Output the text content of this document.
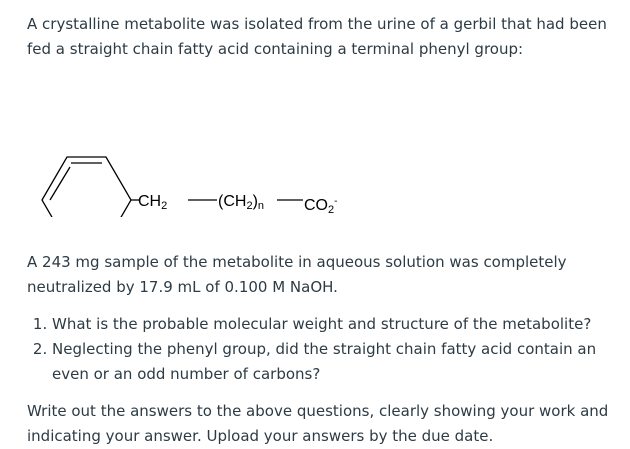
A crystalline metabolite was isolated from the urine of a gerbil that had been fed a straight chain fatty acid containing a terminal phenyl group:

$CH_2$	$(CH_2)_n$ $CO_2^-$

A 243 mg sample of the metabolite in aqueous solution was completely neutralized by 17.9 mL of 0.100 M NaOH.

1. What is the probable molecular weight and structure of the metabolite?
2. Neglecting the phenyl group, did the straight chain fatty acid contain an even or an odd number of carbons?

Write out the answers to the above questions, clearly showing your work and indicating your answer. Upload your answers by the due date.
